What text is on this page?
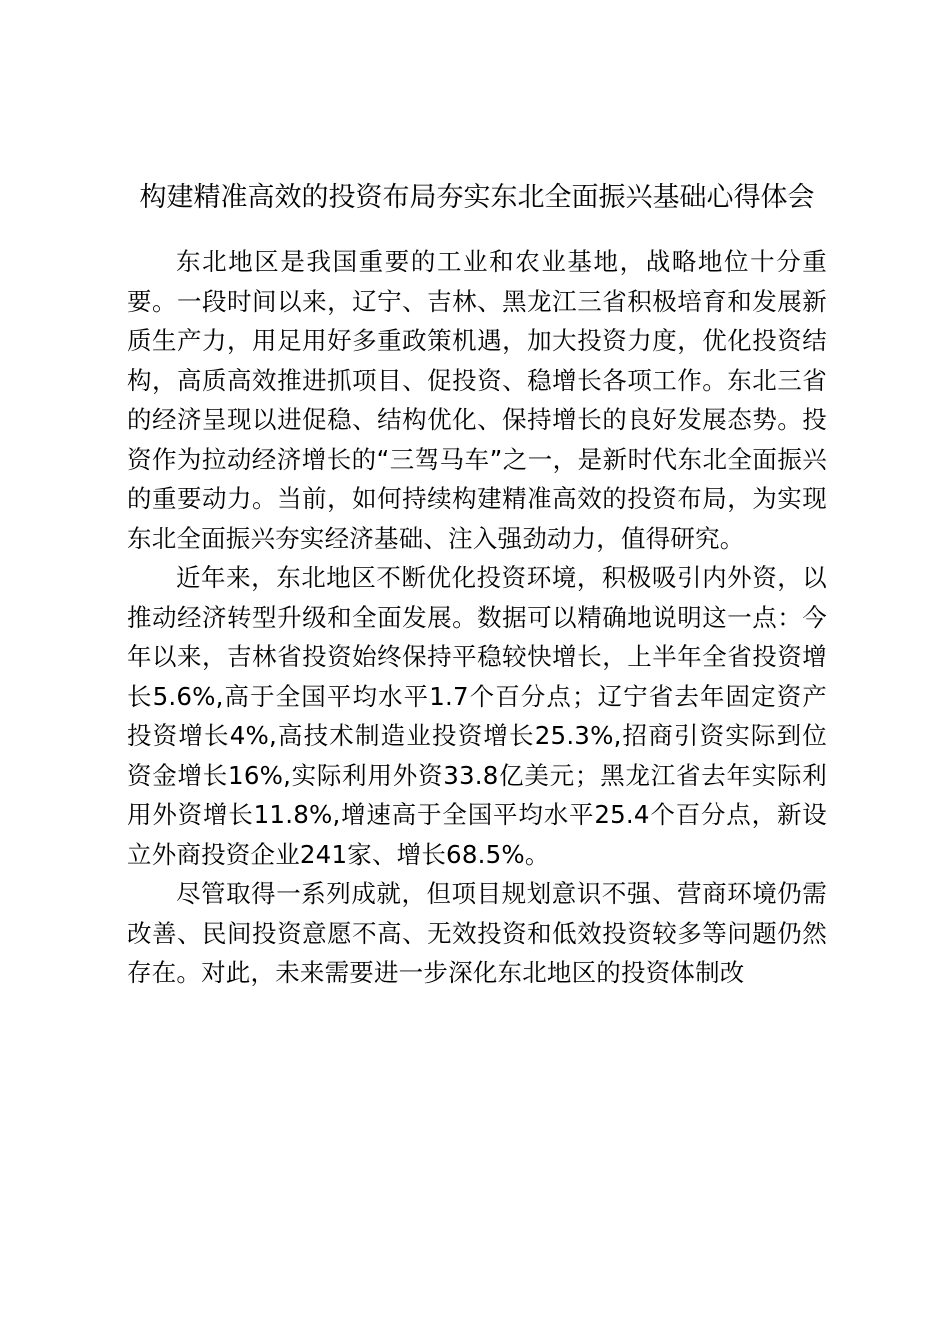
构建精准高效的投资布局夯实东北全面振兴基础心得体会

东北地区是我国重要的工业和农业基地，战略地位十分重要。一段时间以来，辽宁、吉林、黑龙江三省积极培育和发展新质生产力，用足用好多重政策机遇，加大投资力度，优化投资结构，高质高效推进抓项目、促投资、稳增长各项工作。东北三省的经济呈现以进促稳、结构优化、保持增长的良好发展态势。投资作为拉动经济增长的“三驾马车”之一，是新时代东北全面振兴的重要动力。当前，如何持续构建精准高效的投资布局，为实现东北全面振兴夯实经济基础、注入强劲动力，值得研究。

近年来，东北地区不断优化投资环境，积极吸引内外资，以推动经济转型升级和全面发展。数据可以精确地说明这一点：今年以来，吉林省投资始终保持平稳较快增长，上半年全省投资增长5.6%,高于全国平均水平1.7个百分点；辽宁省去年固定资产投资增长4%,高技术制造业投资增长25.3%,招商引资实际到位资金增长16%,实际利用外资33.8亿美元；黑龙江省去年实际利用外资增长11.8%,增速高于全国平均水平25.4个百分点，新设立外商投资企业241家、增长68.5%。

尽管取得一系列成就，但项目规划意识不强、营商环境仍需改善、民间投资意愿不高、无效投资和低效投资较多等问题仍然存在。对此，未来需要进一步深化东北地区的投资体制改
